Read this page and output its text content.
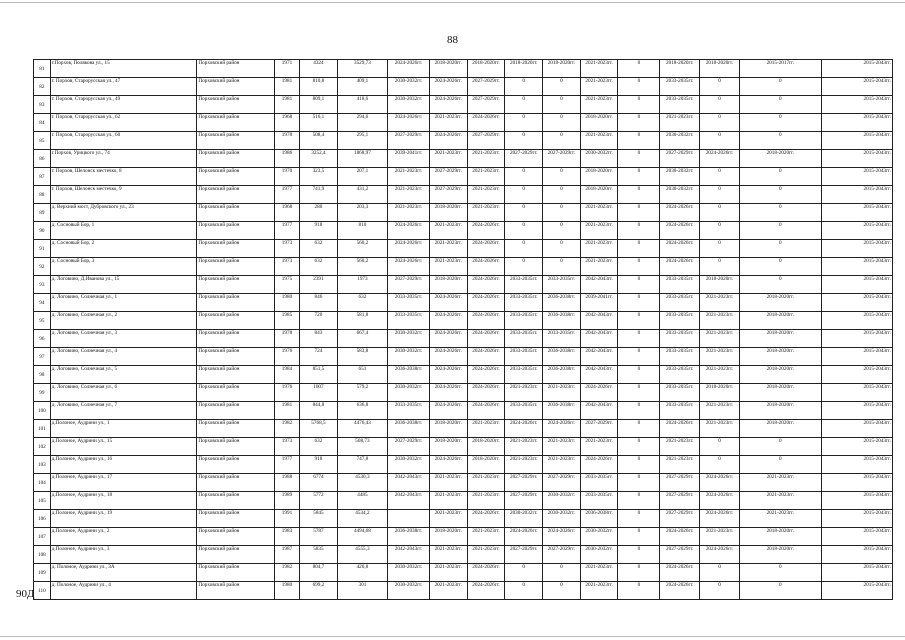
88
81	г.Порхов, Полякова ул., 15	Порховский район	1971	4324	3529,73	2024-2026гг.	2018-2020гг.	2018-2020гг.	2018-2020гг.	2018-2020гг.	2021-2023гг.	0	2018-2020гг.	2018-2020гг.	2015-2017гг.	2015-2043гг.
82	г. Порхов, Старорусская ул., 47	Порховский район	1981	810,8	409,1	2030-2032гг.	2024-2026гг.	2027-2029гг.	0	0	2021-2023гг.	0	2033-2035гг.	0	0	2015-2043гг.
83	г. Порхов, Старорусская ул., 49	Порховский район	1981	809,1	418,6	2030-2032гг.	2024-2026гг.	2027-2029гг.	0	0	2021-2023гг.	0	2033-2035гг.	0	0	2015-2043гг.
84	г. Порхов, Старорусская ул., 62	Порховский район	1968	516,1	294,6	2024-2026гг.	2021-2023гг.	2024-2026гг.	0	0	2018-2020гг.	0	2021-2023гг.	0	0	2015-2043гг.
85	г. Порхов, Старорусская ул., 60	Порховский район	1978	508,4	295,1	2027-2029гг.	2024-2026гг.	2027-2029гг.	0	0	2021-2023гг.	0	2030-2032гг.	0	0	2015-2043гг.
86	г.Порхов, Урицкого ул., 74	Порховский район	1986	3252,4	1868,97	2039-2041гг.	2021-2023гг.	2021-2023гг.	2027-2029гг.	2027-2029гг.	2030-2032гг.	0	2027-2029гг.	2024-2026гг.	2018-2020гг.	2015-2043гг.
87	г. Порхов, Шелонск местечко, 8	Порховский район	1970	323,5	207,1	2021-2023гг.	2027-2029гг.	2021-2023гг.	0	0	2018-2020гг.	0	2030-2032гг.	0	0	2015-2043гг.
88	г. Порхов, Шелонск местечко, 9	Порховский район	1977	741,9	431,2	2021-2023гг.	2027-2029гг.	2021-2023гг.	0	0	2018-2020гг.	0	2030-2032гг.	0	0	2015-2043гг.
89	д. Верхний мост, Дубровского ул., 23	Порховский район	1968	280	203,3	2021-2023гг.	2018-2020гг.	2021-2023гг.	0	0	2021-2023гг.	0	2024-2026гг.	0	0	2015-2043гг.
90	д. Сосновый Бор, 1	Порховский район	1977	918	810	2024-2026гг.	2021-2023гг.	2024-2026гг.	0	0	2021-2023гг.	0	2024-2026гг.	0	0	2015-2043гг.
91	д. Сосновый Бор, 2	Порховский район	1973	632	560,2	2024-2026гг.	2021-2023гг.	2024-2026гг.	0	0	2021-2023гг.	0	2024-2026гг.	0	0	2015-2043гг.
92	д. Сосновый Бор, 3	Порховский район	1973	632	560,2	2024-2026гг.	2021-2023гг.	2024-2026гг.	0	0	2021-2023гг.	0	2024-2026гг.	0	0	2015-2043гг.
93	д. Логовино, Д.Иванова ул., 15	Порховский район	1975	2391	1973	2027-2029гг.	2018-2020гг.	2024-2026гг.	2033-2035гг.	2033-2035гг.	2042-2043гг.	0	2033-2035гг.	2018-2020гг.	0	2015-2043гг.
94	д. Логовино, Солнечная ул., 1	Порховский район	1980	846	632	2033-2035гг.	2024-2026гг.	2024-2026гг.	2033-2035гг.	2036-2038гг.	2039-2041гг.	0	2033-2035гг.	2021-2023гг.	2018-2020гг.	2015-2043гг.
95	д. Логовино, Солнечная ул., 2	Порховский район	1985	720	581,8	2033-2035гг.	2024-2026гг.	2024-2026гг.	2033-2035гг.	2036-2038гг.	2042-2043гг.	0	2033-2035гг.	2021-2023гг.	2018-2020гг.	2015-2043гг.
96	д. Логовино, Солнечная ул., 3	Порховский район	1978	843	667,4	2030-2032гг.	2024-2026гг.	2024-2026гг.	2033-2035гг.	2033-2035гг.	2042-2043гг.	0	2033-2035гг.	2021-2023гг.	2018-2020гг.	2015-2043гг.
97	д. Логовино, Солнечная ул., 4	Порховский район	1976	724	583,8	2030-2032гг.	2024-2026гг.	2024-2026гг.	2033-2035гг.	2036-2038гг.	2042-2043гг.	0	2033-2035гг.	2021-2023гг.	2018-2020гг.	2015-2043гг.
98	д. Логовино, Солнечная ул., 5	Порховский район	1984	851,5	651	2036-2038гг.	2024-2026гг.	2024-2026гг.	2033-2035гг.	2036-2038гг.	2042-2043гг.	0	2033-2035гг.	2021-2023гг.	2018-2020гг.	2015-2043гг.
99	д. Логовино, Солнечная ул., 6	Порховский район	1976	1007	579,2	2030-2032гг.	2024-2026гг.	2024-2026гг.	2021-2023гг.	2021-2023гг.	2024-2026гг.	0	2033-2035гг.	2018-2020гг.	2018-2020гг.	2015-2043гг.
100	д. Логовино, Солнечная ул., 7	Порховский район	1981	844,8	636,8	2033-2035гг.	2024-2026гг.	2024-2026гг.	2033-2035гг.	2036-2038гг.	2042-2043гг.	0	2033-2035гг.	2021-2023гг.	2018-2020гг.	2015-2043гг.
101	д.Полоное, Аудрини ул., 1	Порховский район	1982	5768,5	4476,43	2036-2038гг.	2018-2020гг.	2021-2023гг.	2024-2026гг.	2024-2026гг.	2027-2029гг.	0	2024-2026гг.	2021-2023гг.	2018-2020гг.	2015-2043гг.
102	д.Полоное, Аудрини ул., 15	Порховский район	1973	632	508,73	2027-2029гг.	2018-2020гг.	2018-2020гг.	2021-2023гг.	2021-2023гг.	2021-2023гг.	0	2021-2023гг.	0	0	2015-2043гг.
103	д.Полоное, Аудрини ул., 16	Порховский район	1977	918	747,8	2030-2032гг.	2024-2026гг.	2018-2020гг.	2021-2023гг.	2021-2023гг.	2024-2026гг.	0	2021-2023гг.	0	0	2015-2043гг.
104	д.Полоное, Аудрини ул., 17	Порховский район	1988	6774	4530,3	2042-2043гг.	2021-2023гг.	2021-2023гг.	2027-2029гг.	2027-2029гг.	2033-2035гг.	0	2027-2029гг.	2024-2026гг.	2021-2023гг.	2015-2043гг.
105	д.Полоное, Аудрини ул., 18	Порховский район	1989	5772	4485	2042-2043гг.	2021-2023гг.	2021-2023гг.	2027-2029гг.	2030-2032гг.	2033-2035гг.	0	2027-2029гг.	2024-2026гг.	2021-2023гг.	2015-2043гг.
106	д.Полоное, Аудрини ул., 19	Порховский район	1991	5845	4534,2		2021-2023гг.	2024-2026гг.	2030-2032гг.	2030-2032гг.	2036-2038гг.	0	2027-2029гг.	2024-2026гг.	2021-2023гг.	2015-2043гг.
107	д.Полоное, Аудрини ул., 2	Порховский район	1983	5787	4494,68	2036-2038гг.	2018-2020гг.	2021-2023гг.	2024-2026гг.	2024-2026гг.	2030-2032гг.	0	2024-2026гг.	2021-2023гг.	2018-2020гг.	2015-2043гг.
108	д.Полоное, Аудрини ул., 3	Порховский район	1987	5835	4555,3	2042-2043гг.	2021-2023гг.	2021-2023гг.	2027-2029гг.	2027-2029гг.	2030-2032гг.	0	2027-2029гг.	2024-2026гг.	2018-2020гг.	2015-2043гг.
109	д. Полоное, Аудрини ул., 3А	Порховский район	1982	804,7	420,8	2030-2032гг.	2021-2023гг.	2024-2026гг.	0	0	2021-2023гг.	0	2024-2026гг.	0	0	2015-2043гг.
110	д. Полоное, Аудрини ул., 4	Порховский район	1980	699,2	301	2030-2032гг.	2021-2023гг.	2024-2026гг.	0	0	2021-2023гг.	0	2024-2026гг.	0	0	2015-2043гг.
90Д
